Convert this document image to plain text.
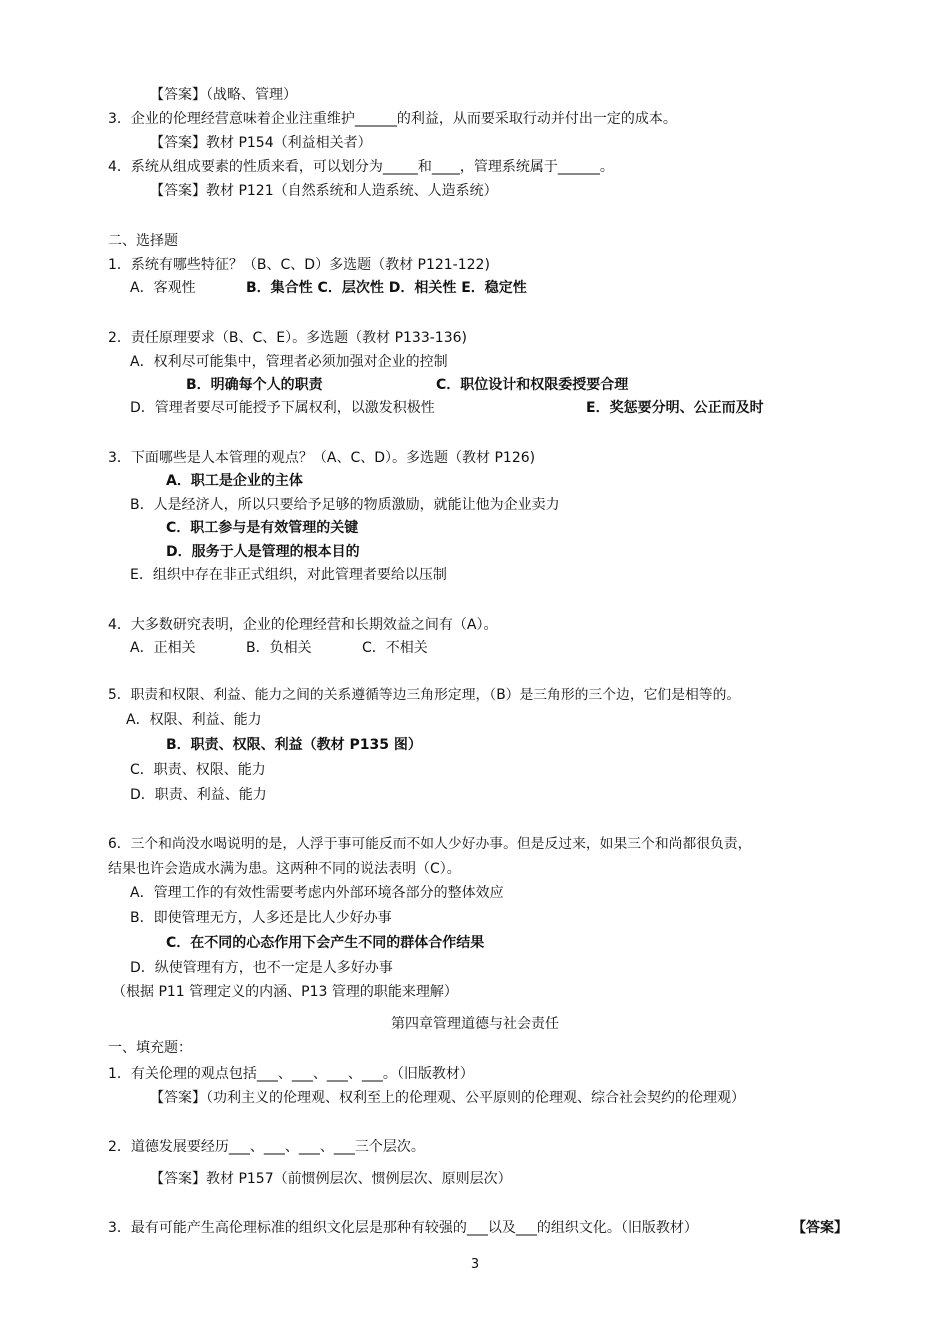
【答案】（战略、管理）
3．企业的伦理经营意味着企业注重维护______的利益，从而要采取行动并付出一定的成本。
【答案】教材 P154（利益相关者）
4．系统从组成要素的性质来看，可以划分为_____和____，管理系统属于______。
【答案】教材 P121（自然系统和人造系统、人造系统）
二、选择题
1．系统有哪些特征？（B、C、D）多选题（教材 P121-122)
A．客观性	B．集合性 C．层次性 D．相关性 E．稳定性
2．责任原理要求（B、C、E）。多选题（教材 P133-136)
A．权利尽可能集中，管理者必须加强对企业的控制
B．明确每个人的职责	C．职位设计和权限委授要合理
D．管理者要尽可能授予下属权利，以激发积极性	E．奖惩要分明、公正而及时
3．下面哪些是人本管理的观点？（A、C、D）。多选题（教材 P126)
A．职工是企业的主体
B．人是经济人，所以只要给予足够的物质激励，就能让他为企业卖力
C．职工参与是有效管理的关键
D．服务于人是管理的根本目的
E．组织中存在非正式组织，对此管理者要给以压制
4．大多数研究表明，企业的伦理经营和长期效益之间有（A）。
A．正相关	B．负相关	C．不相关
5．职责和权限、利益、能力之间的关系遵循等边三角形定理，（B）是三角形的三个边，它们是相等的。
A．权限、利益、能力
B．职责、权限、利益（教材 P135 图）
C．职责、权限、能力
D．职责、利益、能力
6．三个和尚没水喝说明的是，人浮于事可能反而不如人少好办事。但是反过来，如果三个和尚都很负责，
结果也许会造成水满为患。这两种不同的说法表明（C）。
A．管理工作的有效性需要考虑内外部环境各部分的整体效应
B．即使管理无方，人多还是比人少好办事
C．在不同的心态作用下会产生不同的群体合作结果
D．纵使管理有方，也不一定是人多好办事
（根据 P11 管理定义的内涵、P13 管理的职能来理解）
第四章管理道德与社会责任
一、填充题：
1．有关伦理的观点包括___、___、___、___。（旧版教材）
【答案】（功利主义的伦理观、权利至上的伦理观、公平原则的伦理观、综合社会契约的伦理观）
2．道德发展要经历___、___、___、___三个层次。
【答案】教材 P157（前惯例层次、惯例层次、原则层次）
3．最有可能产生高伦理标准的组织文化层是那种有较强的___以及___的组织文化。（旧版教材）	【答案】
3
